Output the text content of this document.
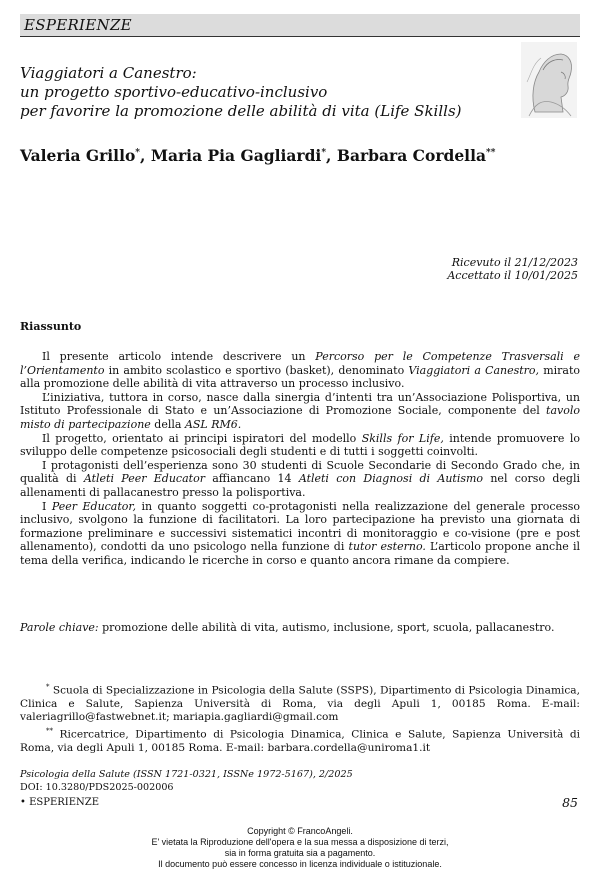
ESPERIENZE
Viaggiatori a Canestro:
un progetto sportivo-educativo-inclusivo
per favorire la promozione delle abilità di vita (Life Skills)
Valeria Grillo*, Maria Pia Gagliardi*, Barbara Cordella**
Ricevuto il 21/12/2023
Accettato il 10/01/2025
Riassunto

Il presente articolo intende descrivere un Percorso per le Competenze Trasversali e l’Orientamento in ambito scolastico e sportivo (basket), denominato Viaggiatori a Canestro, mirato alla promozione delle abilità di vita attraverso un processo inclusivo.

L’iniziativa, tuttora in corso, nasce dalla sinergia d’intenti tra un’Associazione Polisportiva, un Istituto Professionale di Stato e un’Associazione di Promozione Sociale, componente del tavolo misto di partecipazione della ASL RM6.

Il progetto, orientato ai principi ispiratori del modello Skills for Life, intende promuovere lo sviluppo delle competenze psicosociali degli studenti e di tutti i soggetti coinvolti.

I protagonisti dell’esperienza sono 30 studenti di Scuole Secondarie di Secondo Grado che, in qualità di Atleti Peer Educator affiancano 14 Atleti con Diagnosi di Autismo nel corso degli allenamenti di pallacanestro presso la polisportiva.

I Peer Educator, in quanto soggetti co-protagonisti nella realizzazione del generale processo inclusivo, svolgono la funzione di facilitatori. La loro partecipazione ha previsto una giornata di formazione preliminare e successivi sistematici incontri di monitoraggio e co-visione (pre e post allenamento), condotti da uno psicologo nella funzione di tutor esterno. L’articolo propone anche il tema della verifica, indicando le ricerche in corso e quanto ancora rimane da compiere.

Parole chiave: promozione delle abilità di vita, autismo, inclusione, sport, scuola, pallacanestro.

* Scuola di Specializzazione in Psicologia della Salute (SSPS), Dipartimento di Psicologia Dinamica, Clinica e Salute, Sapienza Università di Roma, via degli Apuli 1, 00185 Roma. E-mail: valeriagrillo@fastwebnet.it; mariapia.gagliardi@gmail.com

** Ricercatrice, Dipartimento di Psicologia Dinamica, Clinica e Salute, Sapienza Università di Roma, via degli Apuli 1, 00185 Roma. E-mail: barbara.cordella@uniroma1.it

Psicologia della Salute (ISSN 1721-0321, ISSNe 1972-5167), 2/2025
DOI: 10.3280/PDS2025-002006
• ESPERIENZE	85
Copyright © FrancoAngeli.
E' vietata la Riproduzione dell'opera e la sua messa a disposizione di terzi,
sia in forma gratuita sia a pagamento.
Il documento può essere concesso in licenza individuale o istituzionale.
